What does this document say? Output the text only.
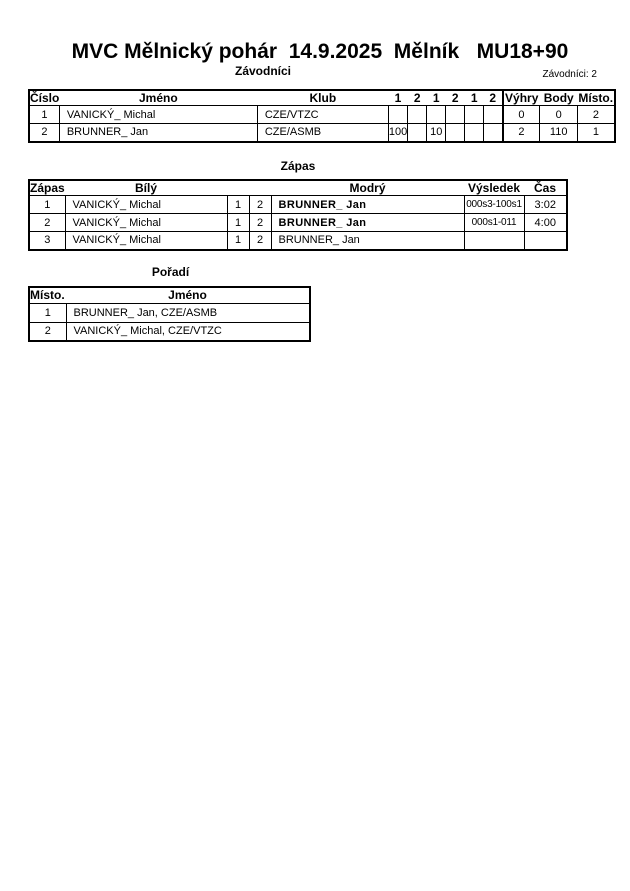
MVC Mělnický pohár  14.9.2025  Mělník   MU18+90
Závodníci	Závodníci: 2
Číslo	Jméno	Klub	1	2	1	2	1	2	Výhry	Body	Místo.
1	VANICKÝ_ Michal	CZE/VTZC							0	0	2
2	BRUNNER_ Jan	CZE/ASMB	100		10				2	110	1
Zápas
Zápas	Bílý			Modrý	Výsledek	Čas
1	VANICKÝ_ Michal	1	2	BRUNNER_ Jan	000s3-100s1	3:02
2	VANICKÝ_ Michal	1	2	BRUNNER_ Jan	000s1-011	4:00
3	VANICKÝ_ Michal	1	2	BRUNNER_ Jan		
Pořadí
Místo.	Jméno
1	BRUNNER_ Jan, CZE/ASMB
2	VANICKÝ_ Michal, CZE/VTZC
